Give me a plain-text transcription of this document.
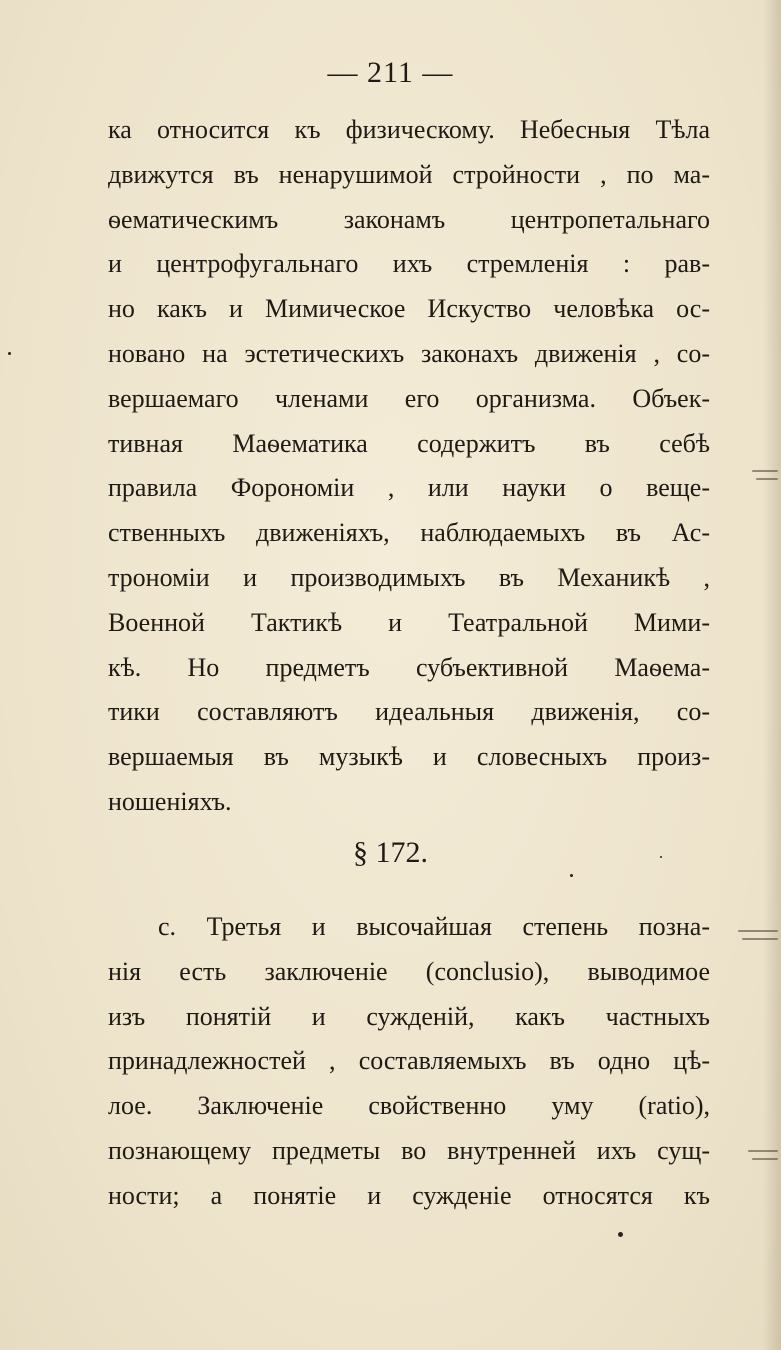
— 211 —
ка относится къ физическому. Небесныя Тѣла
движутся въ ненарушимой стройности , по ма-
ѳематическимъ законамъ центропетальнаго
и центрофугальнаго ихъ стремленія : рав-
но какъ и Мимическое Искуство человѣка ос-
новано на эстетическихъ законахъ движенія , со-
вершаемаго членами его организма. Объек-
тивная Маѳематика содержитъ въ себѣ
правила Форономіи , или науки о веще-
ственныхъ движеніяхъ, наблюдаемыхъ въ Ас-
трономіи и производимыхъ въ Механикѣ ,
Военной Тактикѣ и Театральной Мими-
кѣ. Но предметъ субъективной Маѳема-
тики составляютъ идеальныя движенія, со-
вершаемыя въ музыкѣ и словесныхъ произ-
ношеніяхъ.
§ 172.
с. Третья и высочайшая степень позна-
нія есть заключеніе (conclusio), выводимое
изъ понятій и сужденій, какъ частныхъ
принадлежностей , составляемыхъ въ одно цѣ-
лое. Заключеніе свойственно уму (ratio),
познающему предметы во внутренней ихъ сущ-
ности; а понятіе и сужденіе относятся къ
